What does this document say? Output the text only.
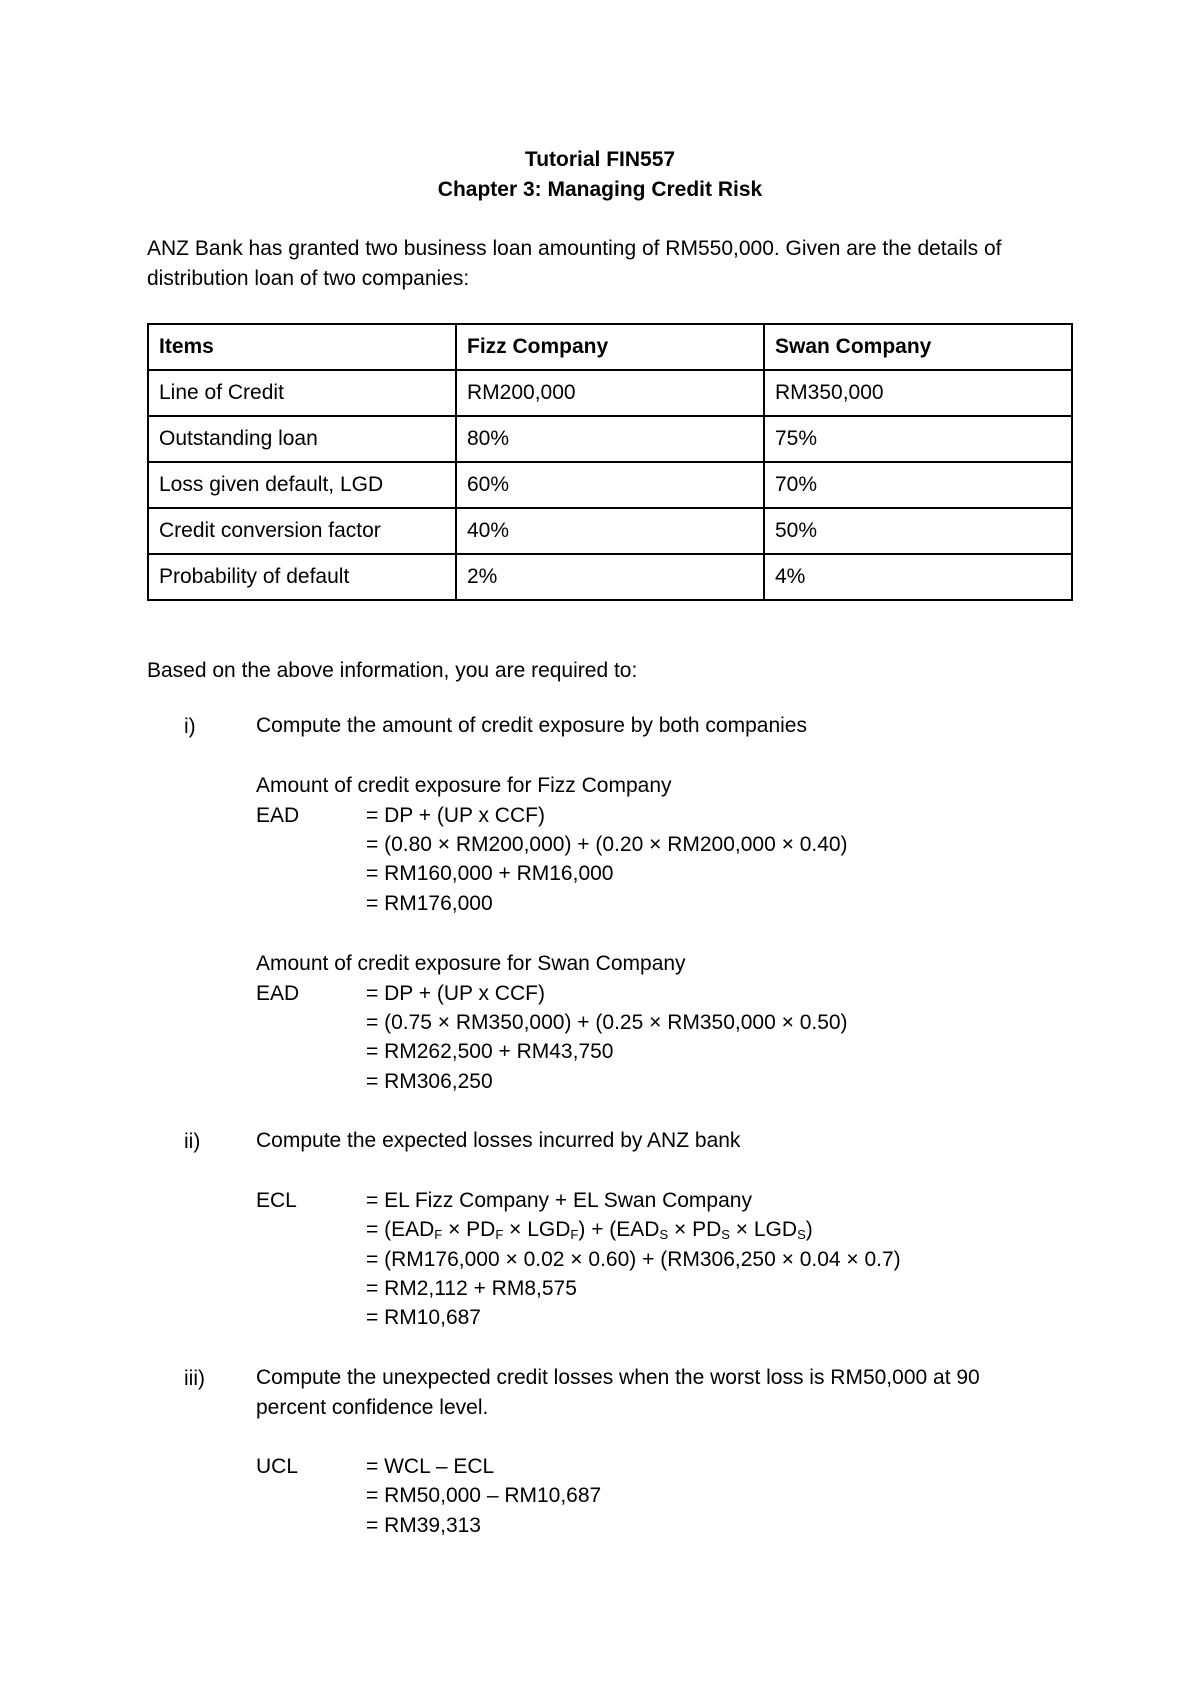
Tutorial FIN557
Chapter 3: Managing Credit Risk

ANZ Bank has granted two business loan amounting of RM550,000. Given are the details of distribution loan of two companies:

Items	Fizz Company	Swan Company
Line of Credit	RM200,000	RM350,000
Outstanding loan	80%	75%
Loss given default, LGD	60%	70%
Credit conversion factor	40%	50%
Probability of default	2%	4%

Based on the above information, you are required to:

i)	Compute the amount of credit exposure by both companies

Amount of credit exposure for Fizz Company
EAD	= DP + (UP x CCF)
= (0.80 × RM200,000) + (0.20 × RM200,000 × 0.40)
= RM160,000 + RM16,000
= RM176,000
Amount of credit exposure for Swan Company
EAD	= DP + (UP x CCF)
= (0.75 × RM350,000) + (0.25 × RM350,000 × 0.50)
= RM262,500 + RM43,750
= RM306,250
ii)	Compute the expected losses incurred by ANZ bank

ECL	= EL Fizz Company + EL Swan Company
= $(EAD_F \times PD_F \times LGD_F) + (EAD_S \times PD_S \times LGD_S)$
= (RM176,000 × 0.02 × 0.60) + (RM306,250 × 0.04 × 0.7)
= RM2,112 + RM8,575
= RM10,687
iii) Compute the unexpected credit losses when the worst loss is RM50,000 at 90 percent confidence level.

UCL	= WCL – ECL
= RM50,000 – RM10,687
= RM39,313
